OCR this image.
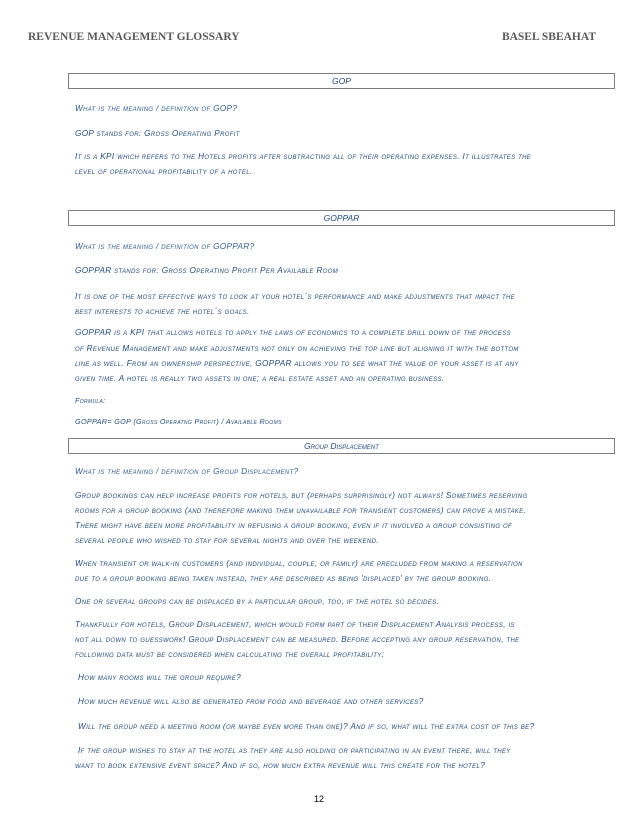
REVENUE MANAGEMENT GLOSSARY	BASEL SBEAHAT
GOP
What is the meaning / definition of GOP?
GOP stands for: Gross Operating Profit
It is a KPI which refers to the Hotels profits after subtracting all of their operating expenses. It illustrates the
level of operational profitability of a hotel.
GOPPAR
What is the meaning / definition of GOPPAR?
GOPPAR stands for: Gross Operating Profit Per Available Room
It is one of the most effective ways to look at your hotel´s performance and make adjustments that impact the
best interests to achieve the hotel´s goals.
GOPPAR is a KPI that allows hotels to apply the laws of economics to a complete drill down of the process
of Revenue Management and make adjustments not only on achieving the top line but aligning it with the bottom
line as well. From an ownership perspective, GOPPAR allows you to see what the value of your asset is at any
given time. A hotel is really two assets in one; a real estate asset and an operating business.
Formula:
GOPPAR= GOP (Gross Operatng Profit) / Available Rooms
Group Displacement
What is the meaning / definition of Group Displacement?
Group bookings can help increase profits for hotels, but (perhaps surprisingly) not always! Sometimes reserving
rooms for a group booking (and therefore making them unavailable for transient customers) can prove a mistake.
There might have been more profitability in refusing a group booking, even if it involved a group consisting of
several people who wished to stay for several nights and over the weekend.
When transient or walk-in customers (and individual, couple, or family) are precluded from making a reservation
due to a group booking being taken instead, they are described as being 'displaced' by the group booking.
One or several groups can be displaced by a particular group, too, if the hotel so decides.
Thankfully for hotels, Group Displacement, which would form part of their Displacement Analysis process, is
not all down to guesswork! Group Displacement can be measured. Before accepting any group reservation, the
following data must be considered when calculating the overall profitability:
How many rooms will the group require?
How much revenue will also be generated from food and beverage and other services?
Will the group need a meeting room (or maybe even more than one)? And if so, what will the extra cost of this be?
If the group wishes to stay at the hotel as they are also holding or participating in an event there, will they
want to book extensive event space? And if so, how much extra revenue will this create for the hotel?
12
